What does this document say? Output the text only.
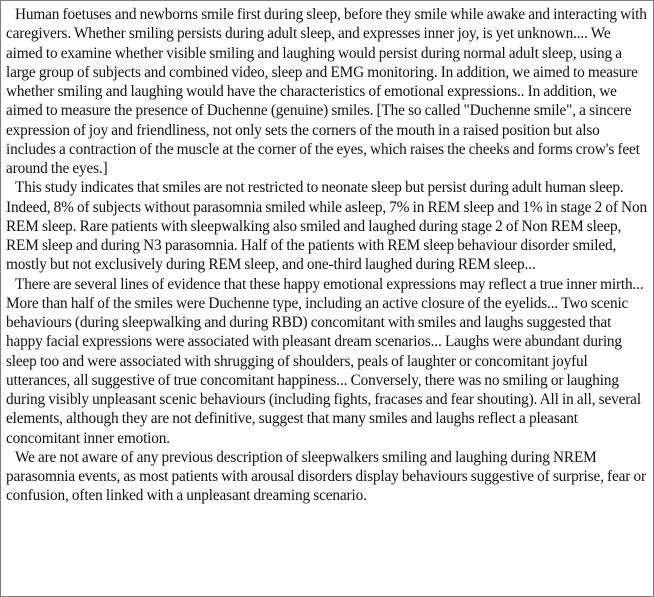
Human foetuses and newborns smile first during sleep, before they smile while awake and interacting with caregivers. Whether smiling persists during adult sleep, and expresses inner joy, is yet unknown.... We aimed to examine whether visible smiling and laughing would persist during normal adult sleep, using a large group of subjects and combined video, sleep and EMG monitoring. In addition, we aimed to measure whether smiling and laughing would have the characteristics of emotional expressions.. In addition, we aimed to measure the presence of Duchenne (genuine) smiles. [The so called "Duchenne smile", a sincere expression of joy and friendliness, not only sets the corners of the mouth in a raised position but also includes a contraction of the muscle at the corner of the eyes, which raises the cheeks and forms crow's feet around the eyes.]

This study indicates that smiles are not restricted to neonate sleep but persist during adult human sleep. Indeed, 8% of subjects without parasomnia smiled while asleep, 7% in REM sleep and 1% in stage 2 of Non REM sleep. Rare patients with sleepwalking also smiled and laughed during stage 2 of Non REM sleep, REM sleep and during N3 parasomnia. Half of the patients with REM sleep behaviour disorder smiled, mostly but not exclusively during REM sleep, and one-third laughed during REM sleep...

There are several lines of evidence that these happy emotional expressions may reflect a true inner mirth... More than half of the smiles were Duchenne type, including an active closure of the eyelids... Two scenic behaviours (during sleepwalking and during RBD) concomitant with smiles and laughs suggested that happy facial expressions were associated with pleasant dream scenarios... Laughs were abundant during sleep too and were associated with shrugging of shoulders, peals of laughter or concomitant joyful utterances, all suggestive of true concomitant happiness... Conversely, there was no smiling or laughing during visibly unpleasant scenic behaviours (including fights, fracases and fear shouting). All in all, several elements, although they are not definitive, suggest that many smiles and laughs reflect a pleasant concomitant inner emotion.

We are not aware of any previous description of sleepwalkers smiling and laughing during NREM parasomnia events, as most patients with arousal disorders display behaviours suggestive of surprise, fear or confusion, often linked with a unpleasant dreaming scenario.
